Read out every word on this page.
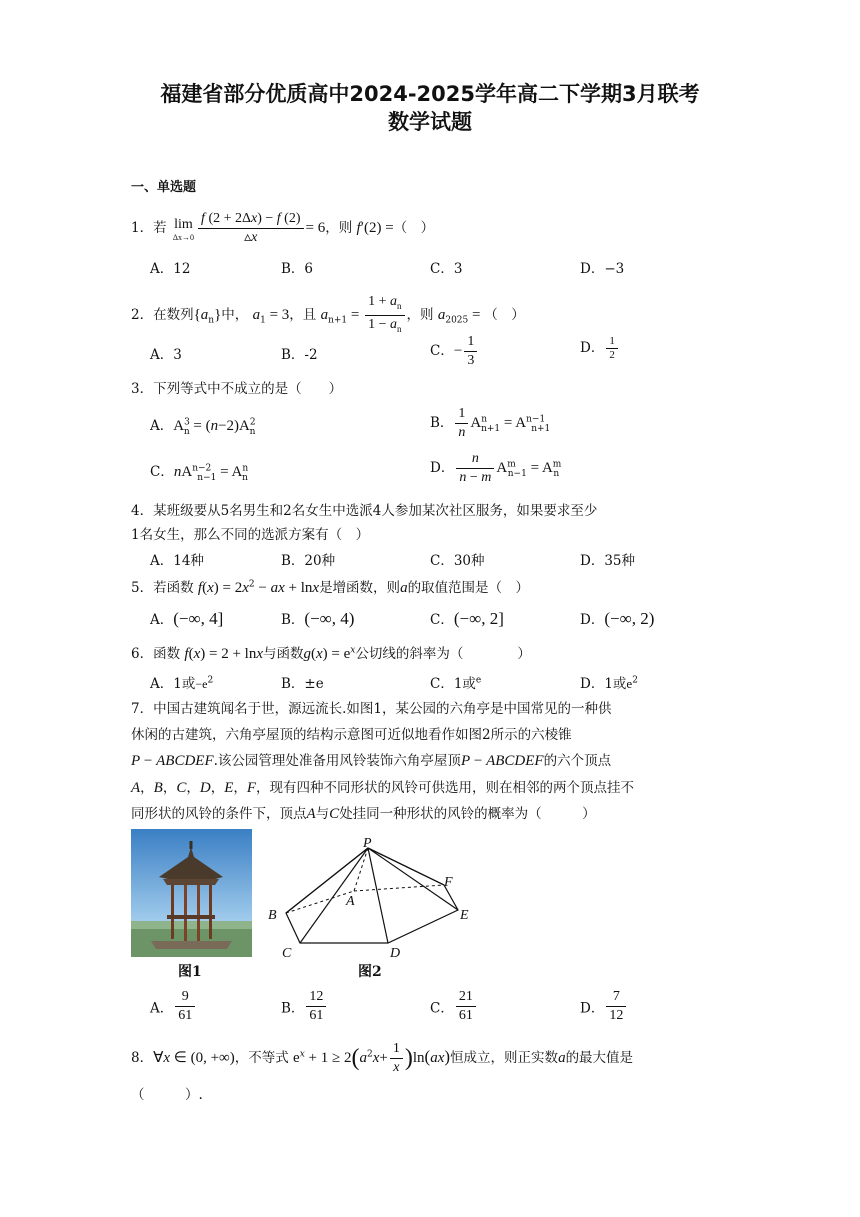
福建省部分优质高中2024-2025学年高二下学期3月联考
数学试题
一、单选题
1．若 lim
$\Delta x\to 0 \frac{f (2 + 2\Delta x) - f (2)}{▵x} = 6$，则 f′(2) =（　）
A．12	B．6	C．3	D．−3
2．在数列$\{a_n\}$中， $a_1 = 3$，且 $a_{n+1} = \frac{1 + a_n}{1 - a_n}$ ，则 $a_{2025}$ = （　）
A．3	B．-2	C．− $\frac{1}{3}$	D． $\frac{1}{2}$
3．下列等式中不成立的是（　　）
A．$A^3_n = (n-2)A^2_n$
B． $\frac{1}{n} A^n_{n+1} = A^{n-1}_{n+1}$
C．$nA^{n-2}_{n-1} = A^n_n$
D． $\frac{n}{n - m} A^m_{n-1} = A^m_n$
4．某班级要从5名男生和2名女生中选派4人参加某次社区服务，如果要求至少
1名女生，那么不同的选派方案有（　）
A．14种	B．20种	C．30种	D．35种
5．若函数 $f(x) = 2x^2$ − ax + lnx是增函数，则a的取值范围是（　）
A．(−∞, 4]	B．(−∞, 4)	C．(−∞, 2]	D．(−∞, 2)
6．函数 f(x) = 2 + lnx与函数$g(x) = e^x$公切线的斜率为（　　　　）
A．1或$-e^2$	B．±e	C．1或$^e$	D．1或$e^2$
7．中国古建筑闻名于世，源远流长.如图1，某公园的六角亭是中国常见的一种供
休闲的古建筑，六角亭屋顶的结构示意图可近似地看作如图2所示的六棱锥
P − ABCDEF.该公园管理处准备用风铃装饰六角亭屋顶P − ABCDEF的六个顶点
A，B，C，D，E，F，现有四种不同形状的风铃可供选用，则在相邻的两个顶点挂不
同形状的风铃的条件下，顶点A与C处挂同一种形状的风铃的概率为（　　　）
图1
P
A
B
C	D
E
F
图2
A． $\frac{9}{61}$	B． $\frac{12}{61}$	C． $\frac{21}{61}$	D． $\frac{7}{12}$
8．∀x ∈ (0, +∞)，不等式 $e^x + 1 \ge 2(a^2x+ \frac{1}{x} )\ln(ax)$恒成立，则正实数a的最大值是
（　　　）.
